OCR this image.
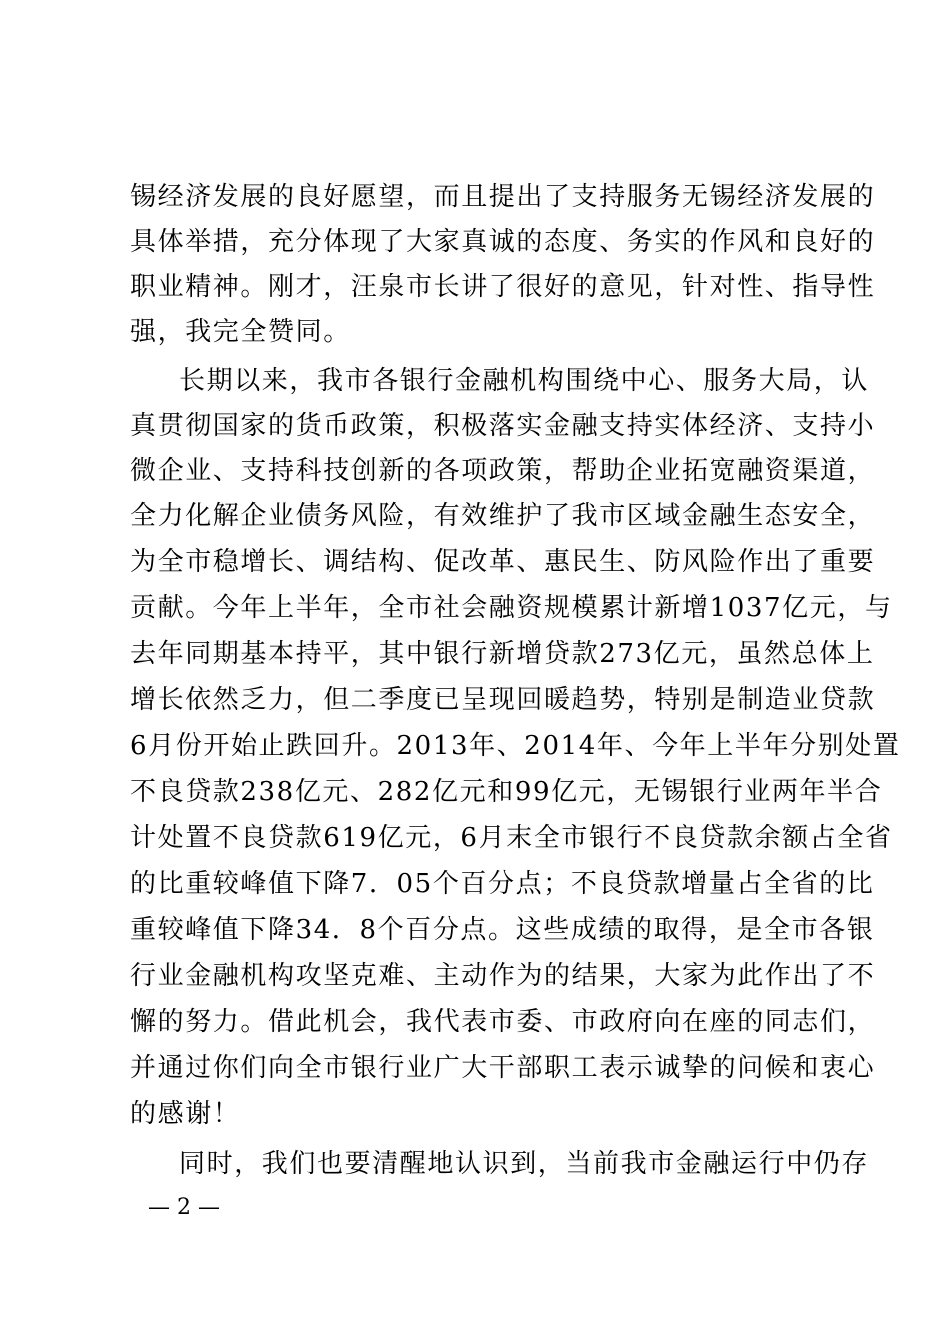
锡经济发展的良好愿望，而且提出了支持服务无锡经济发展的
具体举措，充分体现了大家真诚的态度、务实的作风和良好的
职业精神。刚才，汪泉市长讲了很好的意见，针对性、指导性
强，我完全赞同。
长期以来，我市各银行金融机构围绕中心、服务大局，认
真贯彻国家的货币政策，积极落实金融支持实体经济、支持小
微企业、支持科技创新的各项政策，帮助企业拓宽融资渠道，
全力化解企业债务风险，有效维护了我市区域金融生态安全，
为全市稳增长、调结构、促改革、惠民生、防风险作出了重要
贡献。今年上半年，全市社会融资规模累计新增1037亿元，与
去年同期基本持平，其中银行新增贷款273亿元，虽然总体上
增长依然乏力，但二季度已呈现回暖趋势，特别是制造业贷款
6月份开始止跌回升。2013年、2014年、今年上半年分别处置
不良贷款238亿元、282亿元和99亿元，无锡银行业两年半合
计处置不良贷款619亿元，6月末全市银行不良贷款余额占全省
的比重较峰值下降7．05个百分点；不良贷款增量占全省的比
重较峰值下降34．8个百分点。这些成绩的取得，是全市各银
行业金融机构攻坚克难、主动作为的结果，大家为此作出了不
懈的努力。借此机会，我代表市委、市政府向在座的同志们，
并通过你们向全市银行业广大干部职工表示诚挚的问候和衷心
的感谢！
同时，我们也要清醒地认识到，当前我市金融运行中仍存
— 2 —
